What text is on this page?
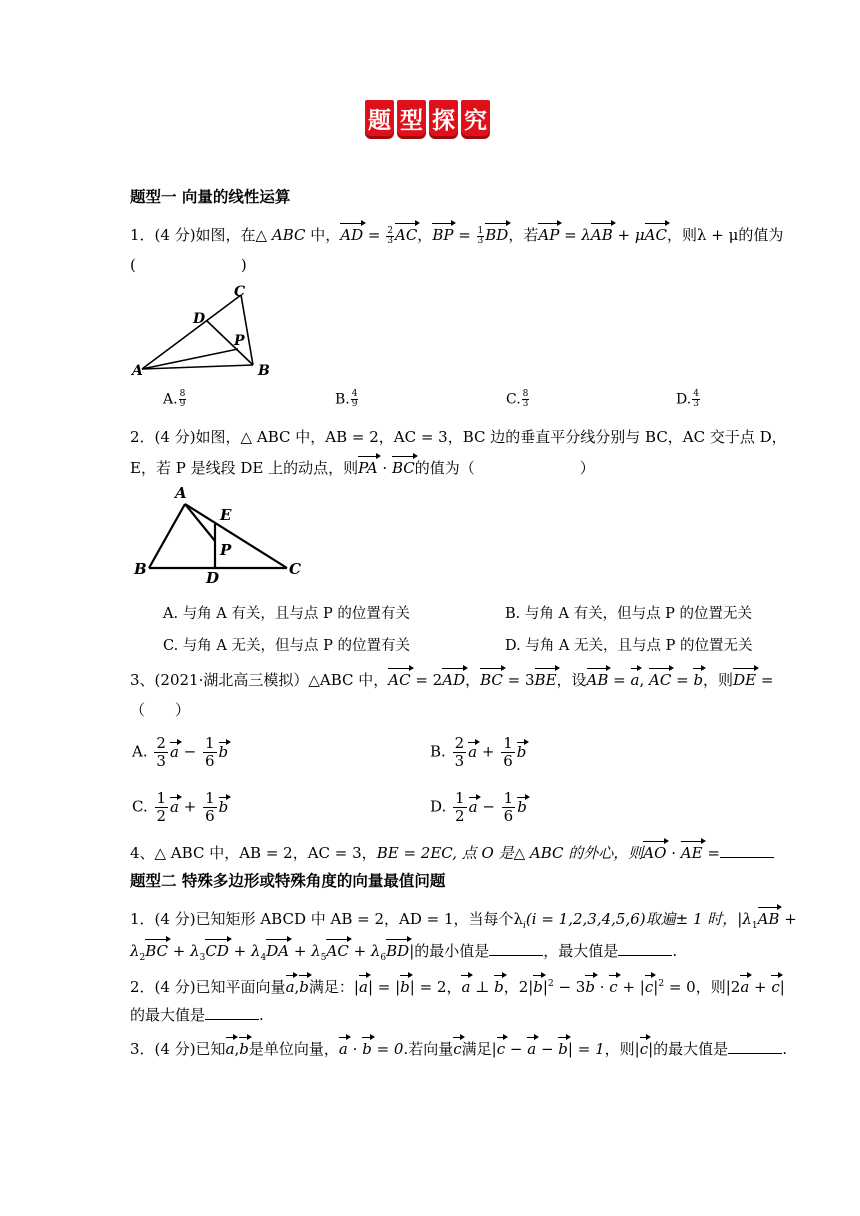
题 型 探 究
题型一 向量的线性运算
1．(4 分)如图，在△ ABC 中，AD = $\frac{2}{3}$ AC，BP = $\frac{1}{3}$ BD，若AP = λAB + μAC，则λ + μ的值为
(　　　　　　　)
A	B
C
D
P
A. $\frac{8}{9}$	B. $\frac{4}{9}$	C. $\frac{8}{3}$	D. $\frac{4}{3}$
2．(4 分)如图，△ ABC 中，AB = 2，AC = 3，BC 边的垂直平分线分别与 BC，AC 交于点 D，
E，若 P 是线段 DE 上的动点，则PA · BC的值为（　　　　　　　）
A
B	C
D
E
P
A. 与角 A 有关，且与点 P 的位置有关	B. 与角 A 有关，但与点 P 的位置无关
C. 与角 A 无关，但与点 P 的位置有关	D. 与角 A 无关，且与点 P 的位置无关
3、(2021·湖北高三模拟）△ABC 中，AC = 2AD，BC = 3BE，设AB = a, AC = b，则DE =
（　　）
A. $\frac{2}{3}$ $a - \frac{1}{6}$ b	B. $\frac{2}{3}$ $a + \frac{1}{6}$ b
C. $\frac{1}{2}$ $a + \frac{1}{6}$ b	D. $\frac{1}{2}$ $a - \frac{1}{6}$ b
4、△ ABC 中，AB = 2，AC = 3，BE = 2EC, 点 O 是△ ABC 的外心，则AO · AE =
题型二 特殊多边形或特殊角度的向量最值问题
1．(4 分)已知矩形 ABCD 中 AB = 2，AD = 1，当每个$\lambda_i(i = 1,2,3,4,5,6)$取遍± 1 时，$|\lambda_1AB$ +
$\lambda_2BC + \lambda_3CD + \lambda_4DA + \lambda_5AC + \lambda_6BD|$的最小值是	，最大值是	.
2．(4 分)已知平面向量a,b满足：|a| = |b| = 2，a ⊥ b，$2|b|^2 - 3b \cdot c + |c|^2 = 0$，则|2a + c|
的最大值是	.
3．(4 分)已知a,b是单位向量，a · b = 0.若向量c满足|c − a − b| = 1，则|c|的最大值是	.
